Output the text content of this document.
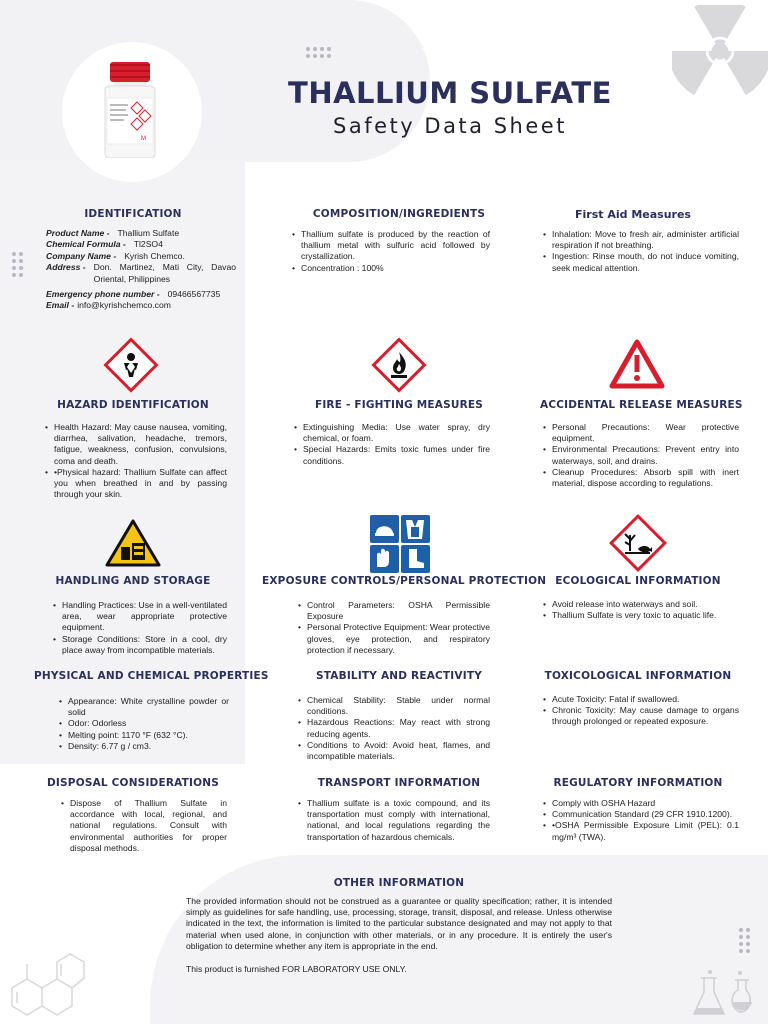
M
THALLIUM SULFATE
Safety Data Sheet
IDENTIFICATION
Product Name - Thallium Sulfate
Chemical Formula - Tl2SO4
Company Name - Kyrish Chemco.
Address - Don. Martinez, Mati City, Davao Oriental, Philippines
Emergency phone number - 09466567735
Email - info@kyrishchemco.com
COMPOSITION/INGREDIENTS
• Thallium sulfate is produced by the reaction of thallium metal with sulfuric acid followed by crystallization.
• Concentration : 100%
First Aid Measures
• Inhalation: Move to fresh air, administer artificial respiration if not breathing.
• Ingestion: Rinse mouth, do not induce vomiting, seek medical attention.
HAZARD IDENTIFICATION
• Health Hazard: May cause nausea, vomiting, diarrhea, salivation, headache, tremors, fatigue, weakness, confusion, convulsions, coma and death.
• •Physical hazard: Thallium Sulfate can affect you when breathed in and by passing through your skin.
FIRE - FIGHTING MEASURES
• Extinguishing Media: Use water spray, dry chemical, or foam.
• Special Hazards: Emits toxic fumes under fire conditions.
ACCIDENTAL RELEASE MEASURES
• Personal Precautions: Wear protective equipment.
• Environmental Precautions: Prevent entry into waterways, soil, and drains.
• Cleanup Procedures: Absorb spill with inert material, dispose according to regulations.
HANDLING AND STORAGE
• Handling Practices: Use in a well-ventilated area, wear appropriate protective equipment.
• Storage Conditions: Store in a cool, dry place away from incompatible materials.
EXPOSURE CONTROLS/PERSONAL PROTECTION
• Control Parameters: OSHA Permissible Exposure
• Personal Protective Equipment: Wear protective gloves, eye protection, and respiratory protection if necessary.
ECOLOGICAL INFORMATION
• Avoid release into waterways and soil.
• Thallium Sulfate is very toxic to aquatic life.
PHYSICAL AND CHEMICAL PROPERTIES
• Appearance: White crystalline powder or solid
• Odor: Odorless
• Melting point: 1170 °F (632 °C).
• Density: 6.77 g / cm3.
STABILITY AND REACTIVITY
• Chemical Stability: Stable under normal conditions.
• Hazardous Reactions: May react with strong reducing agents.
• Conditions to Avoid: Avoid heat, flames, and incompatible materials.
TOXICOLOGICAL INFORMATION
• Acute Toxicity: Fatal if swallowed.
• Chronic Toxicity: May cause damage to organs through prolonged or repeated exposure.
DISPOSAL CONSIDERATIONS
• Dispose of Thallium Sulfate in accordance with local, regional, and national regulations. Consult with environmental authorities for proper disposal methods.
TRANSPORT INFORMATION
• Thallium sulfate is a toxic compound, and its transportation must comply with international, national, and local regulations regarding the transportation of hazardous chemicals.
REGULATORY INFORMATION
• Comply with OSHA Hazard
• Communication Standard (29 CFR 1910.1200).
• •OSHA Permissible Exposure Limit (PEL): 0.1 mg/m³ (TWA).
OTHER INFORMATION
The provided information should not be construed as a guarantee or quality specification; rather, it is intended simply as guidelines for safe handling, use, processing, storage, transit, disposal, and release. Unless otherwise indicated in the text, the information is limited to the particular substance designated and may not apply to that material when used alone, in conjunction with other materials, or in any procedure. It is entirely the user's obligation to determine whether any item is appropriate in the end.
This product is furnished FOR LABORATORY USE ONLY.
